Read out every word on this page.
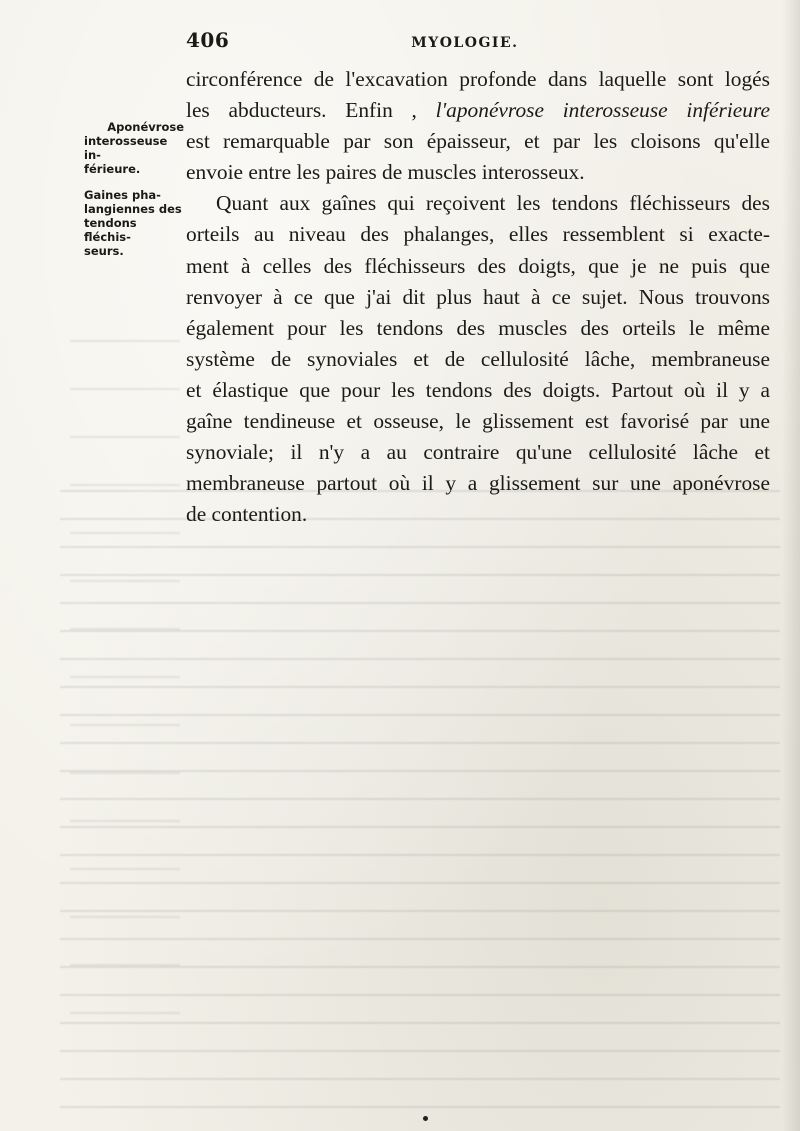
406	MYOLOGIE.

Aponévrose
interosseuse in-
férieure.

Gaines pha-
langiennes des
tendons fléchis-
seurs.
circonférence de l'excavation profonde dans laquelle sont logés
les abducteurs. Enfin , l'aponévrose interosseuse inférieure
est remarquable par son épaisseur, et par les cloisons qu'elle
envoie entre les paires de muscles interosseux.
Quant aux gaînes qui reçoivent les tendons fléchisseurs des
orteils au niveau des phalanges, elles ressemblent si exacte-
ment à celles des fléchisseurs des doigts, que je ne puis que
renvoyer à ce que j'ai dit plus haut à ce sujet. Nous trouvons
également pour les tendons des muscles des orteils le même
système de synoviales et de cellulosité lâche, membraneuse
et élastique que pour les tendons des doigts. Partout où il y a
gaîne tendineuse et osseuse, le glissement est favorisé par une
synoviale; il n'y a au contraire qu'une cellulosité lâche et
membraneuse partout où il y a glissement sur une aponévrose
de contention.
